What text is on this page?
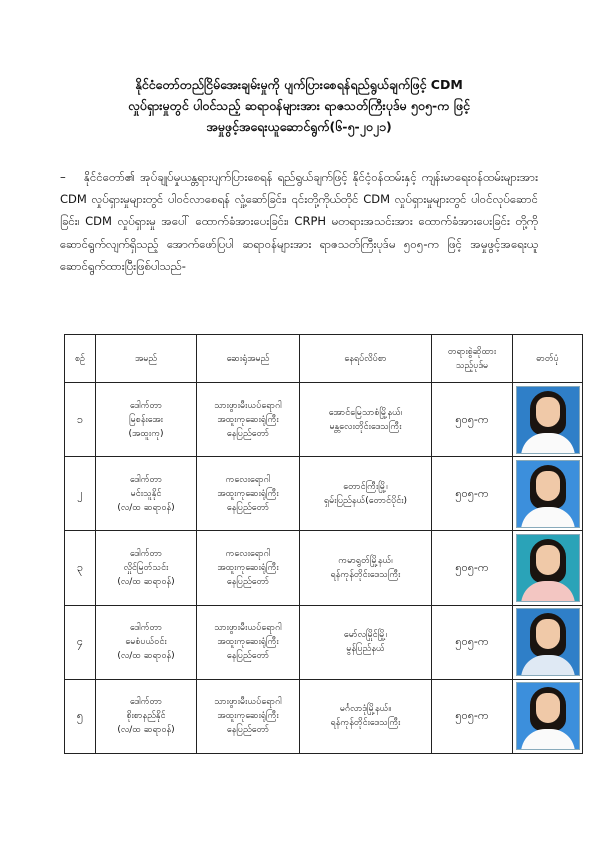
နိုင်ငံတော်တည်ငြိမ်အေးချမ်းမှုကို ပျက်ပြားစေရန်ရည်ရွယ်ချက်ဖြင့် CDM
လှုပ်ရှားမှုတွင် ပါဝင်သည့် ဆရာဝန်များအား ရာဇသတ်ကြီးပုဒ်မ ၅၀၅-က ဖြင့်
အမှုဖွင့်အရေးယူဆောင်ရွက်(၆-၅-၂၀၂၁)
– နိုင်ငံတော်၏ အုပ်ချုပ်မှုယန္တရားပျက်ပြားစေရန် ရည်ရွယ်ချက်ဖြင့် နိုင်ငံ့ဝန်ထမ်းနှင့် ကျန်းမာရေးဝန်ထမ်းများအား CDM လှုပ်ရှားမှုများတွင် ပါဝင်လာစေရန် လှုံ့ဆော်ခြင်း၊ ၎င်းတို့ကိုယ်တိုင် CDM လှုပ်ရှားမှုများတွင် ပါဝင်လုပ်ဆောင်ခြင်း၊ CDM လှုပ်ရှားမှု အပေါ် ထောက်ခံအားပေးခြင်း၊ CRPH မတရားအသင်းအား ထောက်ခံအားပေးခြင်း တို့ကို ဆောင်ရွက်လျက်ရှိသည့် အောက်ဖော်ပြပါ ဆရာဝန်များအား ရာဇသတ်ကြီးပုဒ်မ ၅၀၅-က ဖြင့် အမှုဖွင့်အရေးယူဆောင်ရွက်ထားပြီးဖြစ်ပါသည်-
စဉ်	အမည်	ဆေးရုံအမည်	နေရပ်လိပ်စာ	တရားစွဲဆိုထား
သည့်ပုဒ်မ	ဓာတ်ပုံ
၁	ဒေါက်တာ
မြစန်းအေး
(အထူးကု)	သားဖွားမီးယပ်ရောဂါ
အထူးကုဆေးရုံကြီး
နေပြည်တော်	အောင်မြေသာစံမြို့နယ်၊
မန္တလေးတိုင်းဒေသကြီး	၅၀၅-က	

၂	ဒေါက်တာ
မင်းသူနိုင်
(လ/ထ ဆရာဝန်)	ကလေးရောဂါ
အထူးကုဆေးရုံကြီး
နေပြည်တော်	တောင်ကြီးမြို့၊
ရှမ်းပြည်နယ်(တောင်ပိုင်း)	၅၀၅-က	

၃	ဒေါက်တာ
လှိုင်မြတ်သင်း
(လ/ထ ဆရာဝန်)	ကလေးရောဂါ
အထူးကုဆေးရုံကြီး
နေပြည်တော်	ကမာရွတ်မြို့နယ်၊
ရန်ကုန်တိုင်းဒေသကြီး	၅၀၅-က	

၄	ဒေါက်တာ
မေစံပယ်ဝင်း
(လ/ထ ဆရာဝန်)	သားဖွားမီးယပ်ရောဂါ
အထူးကုဆေးရုံကြီး
နေပြည်တော်	မော်လမြိုင်မြို့၊
မွန်ပြည်နယ်	၅၀၅-က	

၅	ဒေါက်တာ
စိုးစာနည်နိုင်
(လ/ထ ဆရာဝန်)	သားဖွားမီးယပ်ရောဂါ
အထူးကုဆေးရုံကြီး
နေပြည်တော်	မင်္ဂလာဒုံမြို့နယ်။
ရန်ကုန်တိုင်းဒေသကြီး	၅၀၅-က	
